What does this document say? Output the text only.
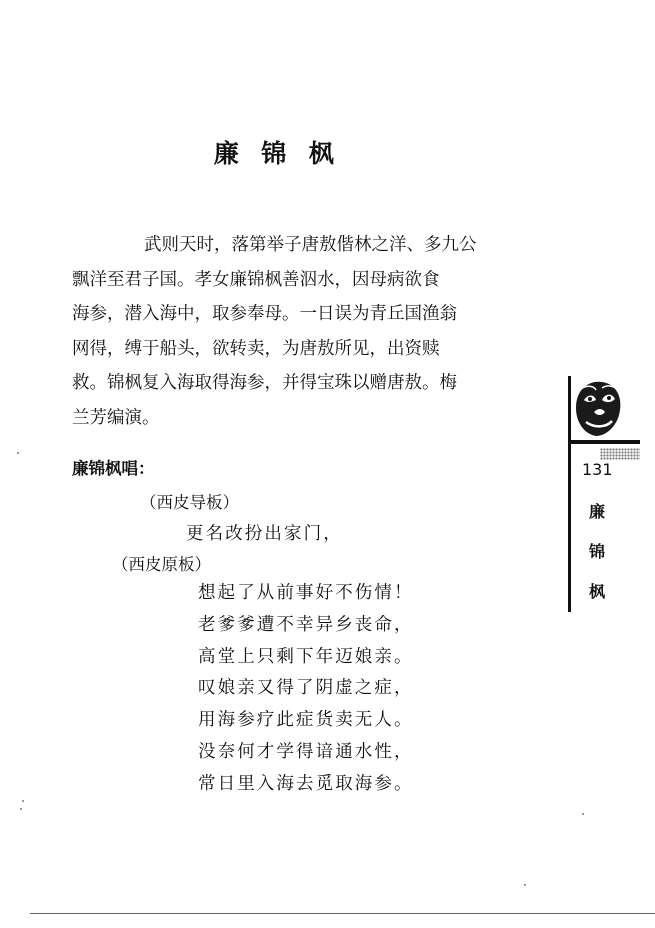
廉锦枫
武则天时，落第举子唐敖偕林之洋、多九公
飘洋至君子国。孝女廉锦枫善泅水，因母病欲食
海参，潜入海中，取参奉母。一日误为青丘国渔翁
网得，缚于船头，欲转卖，为唐敖所见，出资赎
救。锦枫复入海取得海参，并得宝珠以赠唐敖。梅
兰芳编演。
廉锦枫唱：
（西皮导板）
更名改扮出家门，
（西皮原板）
想起了从前事好不伤情！
老爹爹遭不幸异乡丧命，
高堂上只剩下年迈娘亲。
叹娘亲又得了阴虚之症，
用海参疗此症货卖无人。
没奈何才学得谙通水性，
常日里入海去觅取海参。
131
廉
锦
枫
